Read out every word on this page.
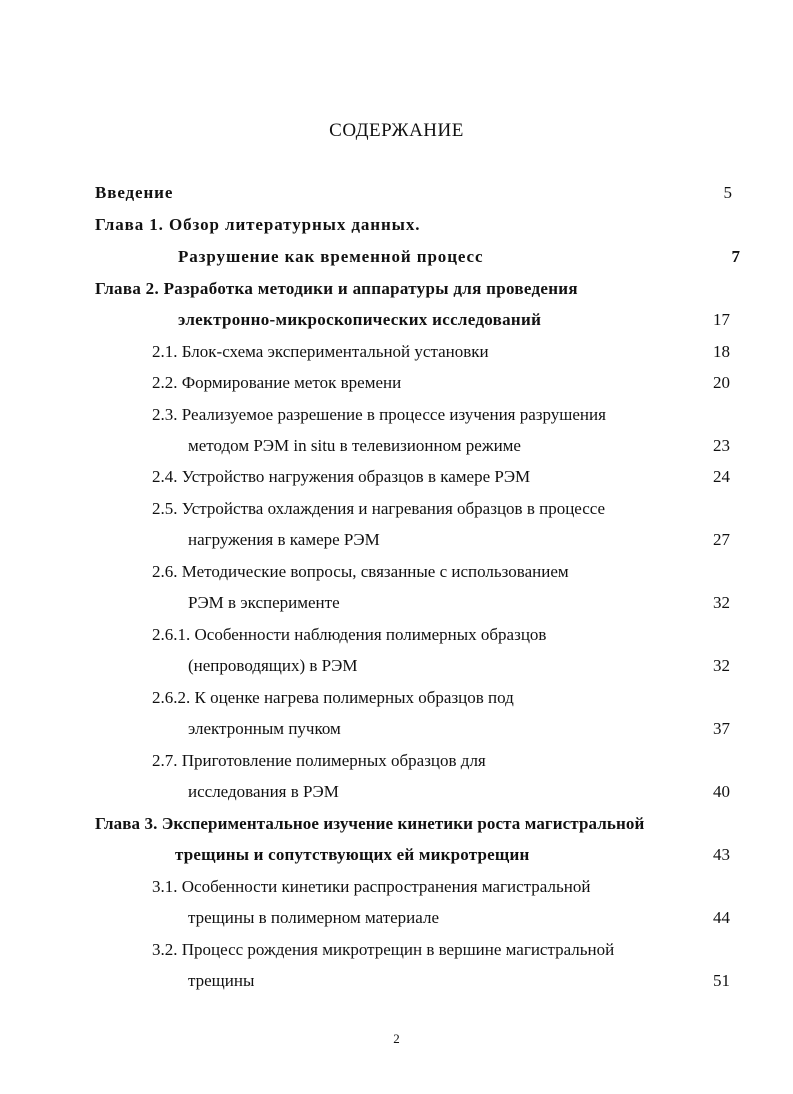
СОДЕРЖАНИЕ
Введение	5
Глава 1. Обзор литературных данных.
Разрушение как временной процесс	7
Глава 2. Разработка методики и аппаратуры для проведения
электронно-микроскопических исследований	17
2.1. Блок-схема экспериментальной установки	18
2.2. Формирование меток времени	20
2.3. Реализуемое разрешение в процессе изучения разрушения
методом РЭМ in situ в телевизионном режиме	23
2.4. Устройство нагружения образцов в камере РЭМ	24
2.5. Устройства охлаждения и нагревания образцов в процессе
нагружения в камере РЭМ	27
2.6. Методические вопросы, связанные с использованием
РЭМ в эксперименте	32
2.6.1. Особенности наблюдения полимерных образцов
(непроводящих) в РЭМ	32
2.6.2. К оценке нагрева полимерных образцов под
электронным пучком	37
2.7. Приготовление полимерных образцов для
исследования в РЭМ	40
Глава 3. Экспериментальное изучение кинетики роста магистральной
трещины и сопутствующих ей микротрещин	43
3.1. Особенности кинетики распространения магистральной
трещины в полимерном материале	44
3.2. Процесс рождения микротрещин в вершине магистральной
трещины	51
2
